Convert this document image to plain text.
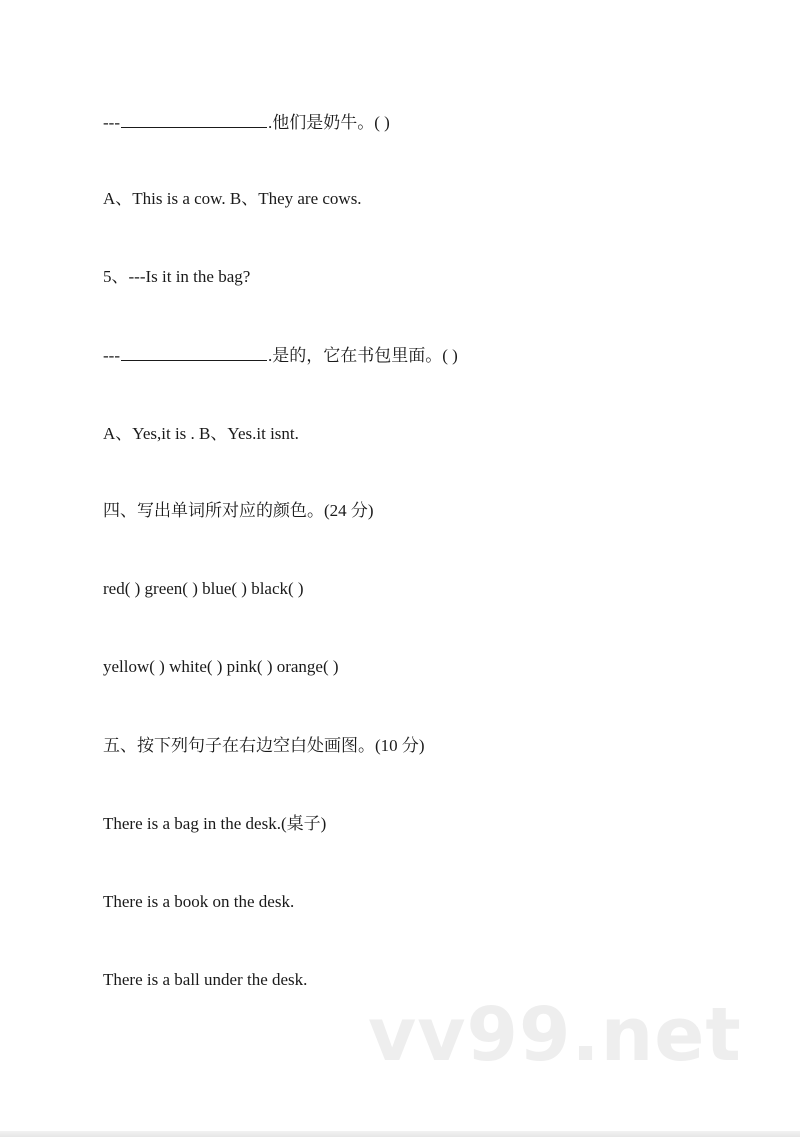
---	.他们是奶牛。( )
A、This is a cow. B、They are cows.
5、---Is it in the bag?
---	.是的，它在书包里面。( )
A、Yes,it is . B、Yes.it isnt.
四、写出单词所对应的颜色。(24 分)
red( ) green( ) blue( ) black( )
yellow( ) white( ) pink( ) orange( )
五、按下列句子在右边空白处画图。(10 分)
There is a bag in the desk.(桌子)
There is a book on the desk.
There is a ball under the desk.
vv99.net
